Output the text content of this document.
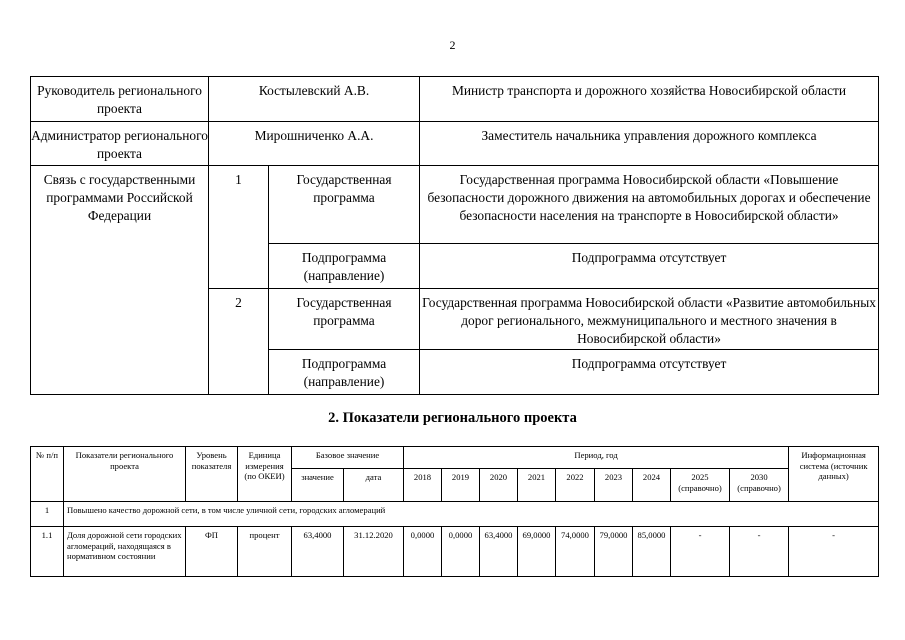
2
Руководитель регионального проекта	Костылевский А.В.		Министр транспорта и дорожного хозяйства Новосибирской области
Администратор регионального проекта	Мирошниченко А.А.		Заместитель начальника управления дорожного комплекса
Связь с государственными программами Российской Федерации	1	Государственная программа	Государственная программа Новосибирской области «Повышение безопасности дорожного движения на автомобильных дорогах и обеспечение безопасности населения на транспорте в Новосибирской области»
		Подпрограмма (направление)	Подпрограмма отсутствует
	2	Государственная программа	Государственная программа Новосибирской области «Развитие автомобильных дорог регионального, межмуниципального и местного значения в Новосибирской области»
		Подпрограмма (направление)	Подпрограмма отсутствует
2. Показатели регионального проекта
№ п/п	Показатели регионального проекта	Уровень показателя	Единица измерения (по ОКЕИ)	Базовое значение		Период, год									Информационная система (источник данных)
				значение	дата	2018	2019	2020	2021	2022	2023	2024	2025 (справочно)	2030 (справочно)	
1	Повышено качество дорожной сети, в том числе уличной сети, городских агломераций														
1.1	Доля дорожной сети городских агломераций, находящаяся в нормативном состоянии	ФП	процент	63,4000	31.12.2020	0,0000	0,0000	63,4000	69,0000	74,0000	79,0000	85,0000	-	-	-
